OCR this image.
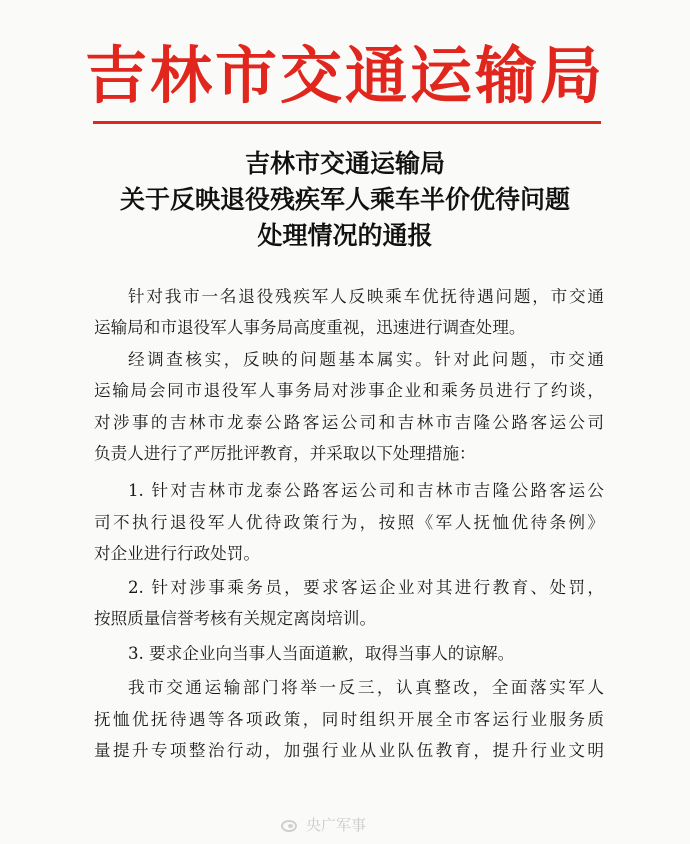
吉林市交通运输局
吉林市交通运输局
关于反映退役残疾军人乘车半价优待问题
处理情况的通报
针对我市一名退役残疾军人反映乘车优抚待遇问题，市交通
运输局和市退役军人事务局高度重视，迅速进行调查处理。
经调查核实，反映的问题基本属实。针对此问题，市交通
运输局会同市退役军人事务局对涉事企业和乘务员进行了约谈，
对涉事的吉林市龙泰公路客运公司和吉林市吉隆公路客运公司
负责人进行了严厉批评教育，并采取以下处理措施：
1. 针对吉林市龙泰公路客运公司和吉林市吉隆公路客运公
司不执行退役军人优待政策行为，按照《军人抚恤优待条例》
对企业进行行政处罚。
2. 针对涉事乘务员，要求客运企业对其进行教育、处罚，
按照质量信誉考核有关规定离岗培训。
3. 要求企业向当事人当面道歉，取得当事人的谅解。
我市交通运输部门将举一反三，认真整改，全面落实军人
抚恤优抚待遇等各项政策，同时组织开展全市客运行业服务质
量提升专项整治行动，加强行业从业队伍教育，提升行业文明
央广军事
